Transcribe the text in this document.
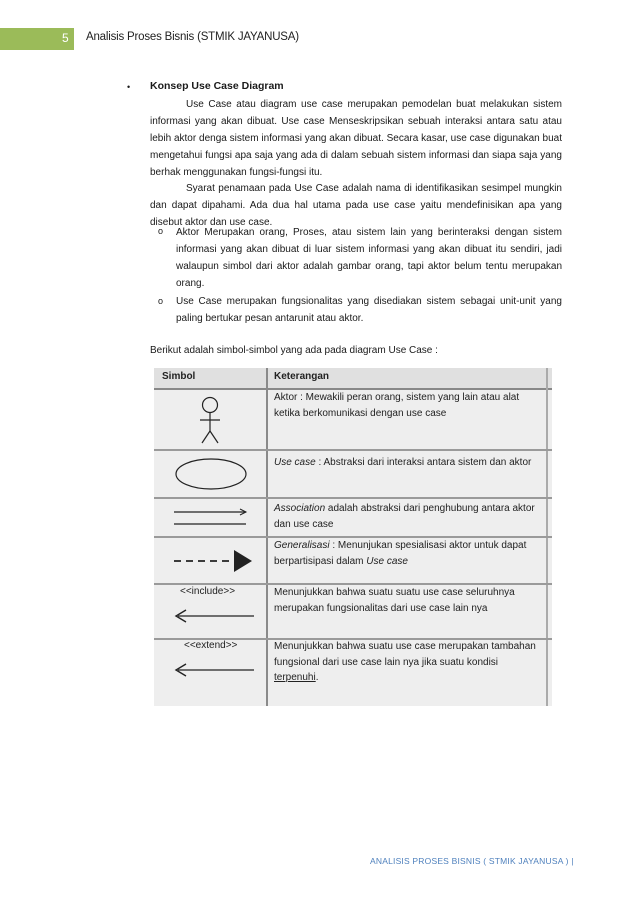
5 Analisis Proses Bisnis (STMIK JAYANUSA)
• Konsep Use Case Diagram
Use Case atau diagram use case merupakan pemodelan buat melakukan sistem informasi yang akan dibuat. Use case Menseskripsikan sebuah interaksi antara satu atau lebih aktor denga sistem informasi yang akan dibuat. Secara kasar, use case digunakan buat mengetahui fungsi apa saja yang ada di dalam sebuah sistem informasi dan siapa saja yang berhak menggunakan fungsi-fungsi itu.
Syarat penamaan pada Use Case adalah nama di identifikasikan sesimpel mungkin dan dapat dipahami. Ada dua hal utama pada use case yaitu mendefinisikan apa yang disebut aktor dan use case.
o Aktor Merupakan orang, Proses, atau sistem lain yang berinteraksi dengan sistem informasi yang akan dibuat di luar sistem informasi yang akan dibuat itu sendiri, jadi walaupun simbol dari aktor adalah gambar orang, tapi aktor belum tentu merupakan orang.
o Use Case merupakan fungsionalitas yang disediakan sistem sebagai unit-unit yang paling bertukar pesan antarunit atau aktor.
Berikut adalah simbol-simbol yang ada pada diagram Use Case :
Simbol	Keterangan
Aktor : Mewakili peran orang, sistem yang lain atau alat ketika berkomunikasi dengan use case
Use case : Abstraksi dari interaksi antara sistem dan aktor
Association adalah abstraksi dari penghubung antara aktor dan use case
Generalisasi : Menunjukan spesialisasi aktor untuk dapat berpartisipasi dalam Use case
<<include>>	Menunjukkan bahwa suatu suatu use case seluruhnya merupakan fungsionalitas dari use case lain nya
<<extend>>	Menunjukkan bahwa suatu use case merupakan tambahan fungsional dari use case lain nya jika suatu kondisi terpenuhi.
ANALISIS PROSES BISNIS ( STMIK JAYANUSA ) |
